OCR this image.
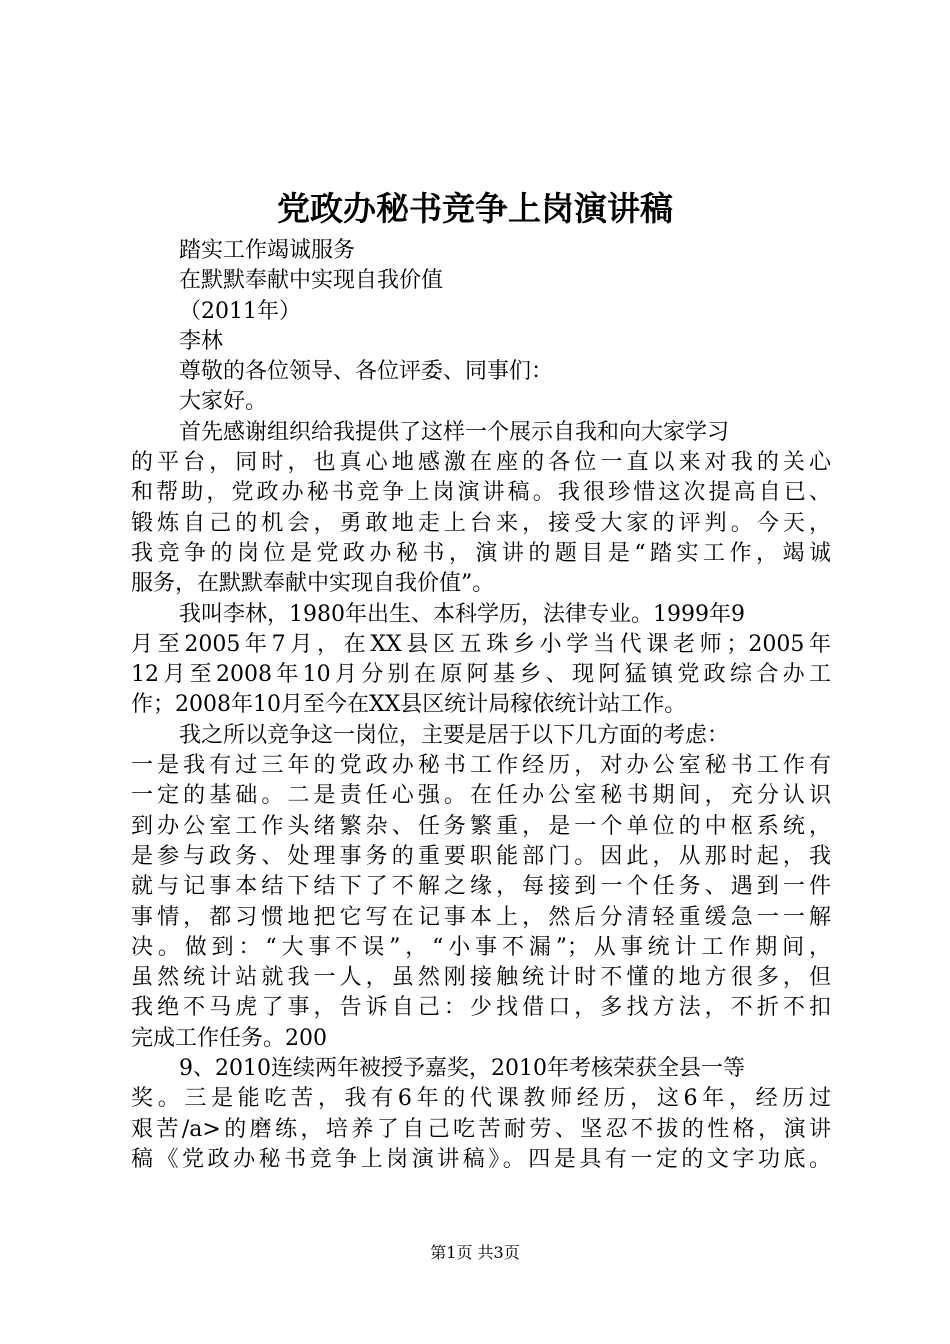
党政办秘书竞争上岗演讲稿
踏实工作竭诚服务
在默默奉献中实现自我价值
（2011年）
李林
尊敬的各位领导、各位评委、同事们：
大家好。
首先感谢组织给我提供了这样一个展示自我和向大家学习
的平台，同时，也真心地感激在座的各位一直以来对我的关心
和帮助，党政办秘书竞争上岗演讲稿。我很珍惜这次提高自已、
锻炼自己的机会，勇敢地走上台来，接受大家的评判。今天，
我竞争的岗位是党政办秘书，演讲的题目是“踏实工作，竭诚
服务，在默默奉献中实现自我价值”。
我叫李林，1980年出生、本科学历，法律专业。1999年9
月至2005年7月，在XX县区五珠乡小学当代课老师；2005年
12月至2008年10月分别在原阿基乡、现阿猛镇党政综合办工
作；2008年10月至今在XX县区统计局稼依统计站工作。
我之所以竞争这一岗位，主要是居于以下几方面的考虑：
一是我有过三年的党政办秘书工作经历，对办公室秘书工作有
一定的基础。二是责任心强。在任办公室秘书期间，充分认识
到办公室工作头绪繁杂、任务繁重，是一个单位的中枢系统，
是参与政务、处理事务的重要职能部门。因此，从那时起，我
就与记事本结下结下了不解之缘，每接到一个任务、遇到一件
事情，都习惯地把它写在记事本上，然后分清轻重缓急一一解
决。做到：“大事不误”，“小事不漏”；从事统计工作期间，
虽然统计站就我一人，虽然刚接触统计时不懂的地方很多，但
我绝不马虎了事，告诉自己：少找借口，多找方法，不折不扣
完成工作任务。200
9、2010连续两年被授予嘉奖，2010年考核荣获全县一等
奖。三是能吃苦，我有6年的代课教师经历，这6年，经历过
艰苦/a>的磨练，培养了自己吃苦耐劳、坚忍不拔的性格，演讲
稿《党政办秘书竞争上岗演讲稿》。四是具有一定的文字功底。
第1页 共3页
